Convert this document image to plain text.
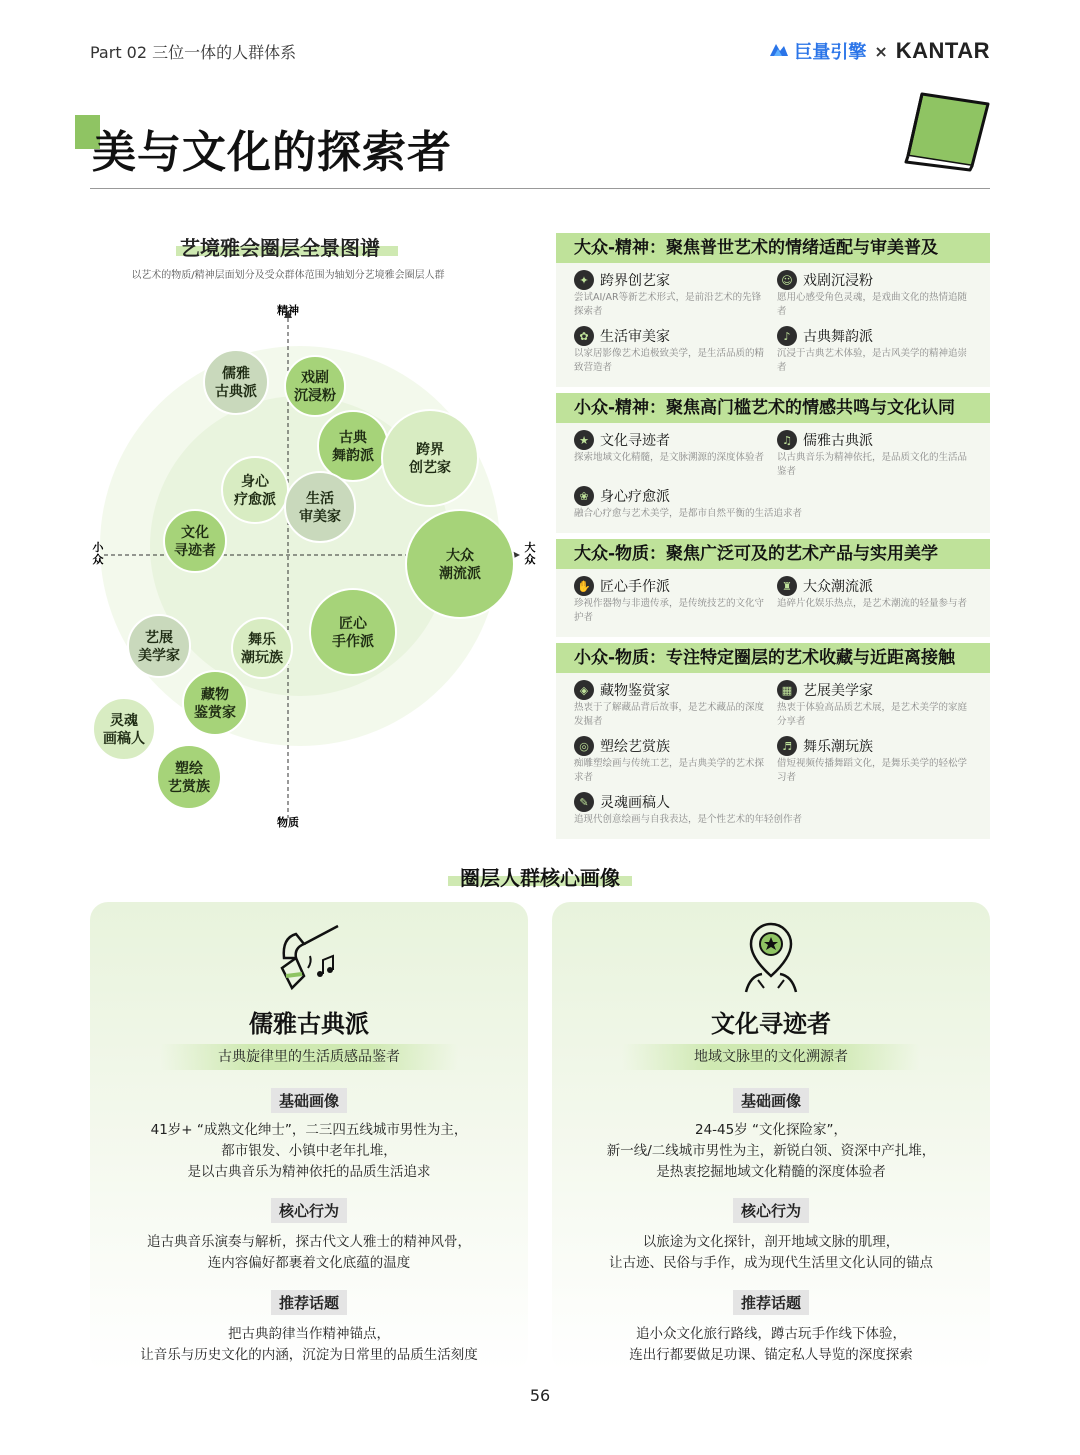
Part 02 三位一体的人群体系	巨量引擎 × KANTAR
美与文化的探索者
艺境雅会圈层全景图谱
以艺术的物质/精神层面划分及受众群体范围为轴划分艺境雅会圈层人群
精神
物质
小众
大众
儒雅
古典派
戏剧
沉浸粉
古典
舞韵派	跨界
创艺家
身心
疗愈派 生活
审美家
文化
寻迹者	大众
潮流派
匠心
手作派
艺展
美学家
舞乐
潮玩族
藏物
鉴赏家
灵魂
画稿人
塑绘
艺赏族
大众-精神：聚焦普世艺术的情绪适配与审美普及
✦ 跨界创艺家
尝试AI/AR等新艺术形式，是前沿艺术的先锋探索者
☺ 戏剧沉浸粉
愿用心感受角色灵魂，是戏曲文化的热情追随者
✿ 生活审美家
以家居影像艺术追极致美学，是生活品质的精致营造者
♪ 古典舞韵派
沉浸于古典艺术体验，是古风美学的精神追崇者
小众-精神：聚焦高门槛艺术的情感共鸣与文化认同
★ 文化寻迹者
探索地域文化精髓，是文脉溯源的深度体验者
♫ 儒雅古典派
以古典音乐为精神依托，是品质文化的生活品鉴者
❀ 身心疗愈派
融合心疗愈与艺术美学，是都市自然平衡的生活追求者
大众-物质：聚焦广泛可及的艺术产品与实用美学
✋ 匠心手作派
珍视作器物与非遗传承，是传统技艺的文化守护者
♜ 大众潮流派
追碎片化娱乐热点，是艺术潮流的轻量参与者
小众-物质：专注特定圈层的艺术收藏与近距离接触
◈ 藏物鉴赏家
热衷于了解藏品背后故事，是艺术藏品的深度发掘者
▦ 艺展美学家
热衷于体验高品质艺术展，是艺术美学的家庭分享者
◎ 塑绘艺赏族
痴雕塑绘画与传统工艺，是古典美学的艺术探求者
♬ 舞乐潮玩族
借短视频传播舞蹈文化，是舞乐美学的轻松学习者
✎ 灵魂画稿人
追现代创意绘画与自我表达，是个性艺术的年轻创作者
圈层人群核心画像
儒雅古典派
古典旋律里的生活质感品鉴者
基础画像
41岁+ “成熟文化绅士”，二三四五线城市男性为主，
都市银发、小镇中老年扎堆，
是以古典音乐为精神依托的品质生活追求
核心行为
追古典音乐演奏与解析，探古代文人雅士的精神风骨，
连内容偏好都裹着文化底蕴的温度
推荐话题
把古典韵律当作精神锚点，
让音乐与历史文化的内涵，沉淀为日常里的品质生活刻度
文化寻迹者
地域文脉里的文化溯源者
基础画像
24-45岁 “文化探险家”，
新一线/二线城市男性为主，新锐白领、资深中产扎堆，
是热衷挖掘地域文化精髓的深度体验者
核心行为
以旅途为文化探针，剖开地域文脉的肌理，
让古迹、民俗与手作，成为现代生活里文化认同的锚点
推荐话题
追小众文化旅行路线，蹲古玩手作线下体验，
连出行都要做足功课、锚定私人导览的深度探索
56
